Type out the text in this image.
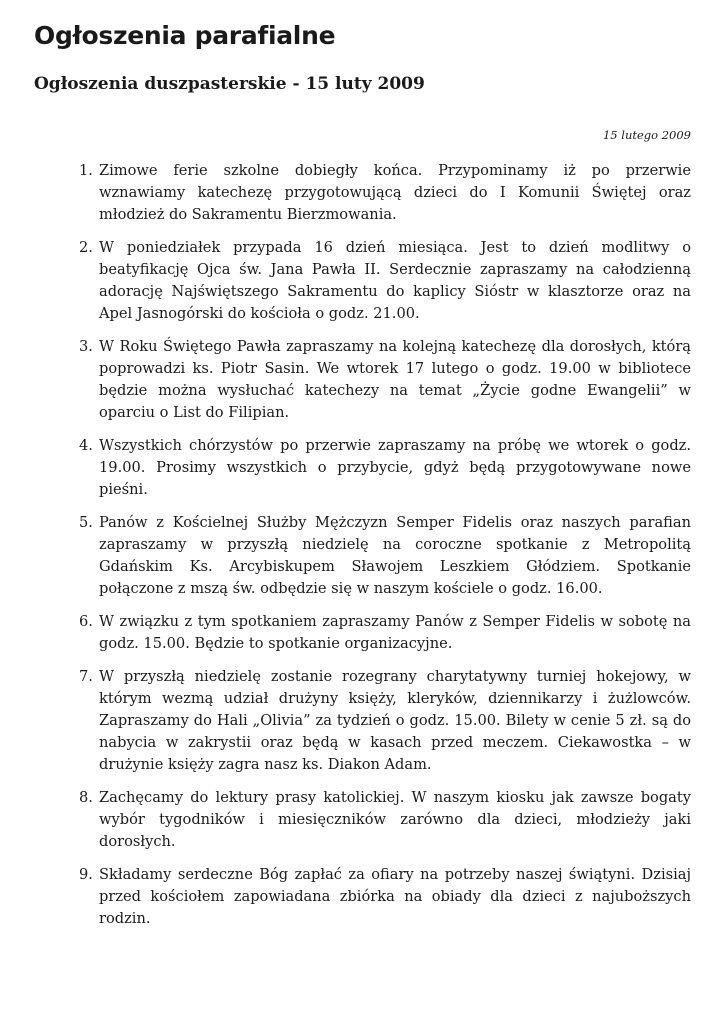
Ogłoszenia parafialne
Ogłoszenia duszpasterskie - 15 luty 2009
15 lutego 2009
1. Zimowe ferie szkolne dobiegły końca. Przypominamy iż po przerwie wznawiamy katechezę przygotowującą dzieci do I Komunii Świętej oraz młodzież do Sakramentu Bierzmowania.
2. W poniedziałek przypada 16 dzień miesiąca. Jest to dzień modlitwy o beatyfikację Ojca św. Jana Pawła II. Serdecznie zapraszamy na całodzienną adorację Najświętszego Sakramentu do kaplicy Sióstr w klasztorze oraz na Apel Jasnogórski do kościoła o godz. 21.00.
3. W Roku Świętego Pawła zapraszamy na kolejną katechezę dla dorosłych, którą poprowadzi ks. Piotr Sasin. We wtorek 17 lutego o godz. 19.00 w bibliotece będzie można wysłuchać katechezy na temat „Życie godne Ewangelii” w oparciu o List do Filipian.
4. Wszystkich chórzystów po przerwie zapraszamy na próbę we wtorek o godz. 19.00. Prosimy wszystkich o przybycie, gdyż będą przygotowywane nowe pieśni.
5. Panów z Kościelnej Służby Mężczyzn Semper Fidelis oraz naszych parafian zapraszamy w przyszłą niedzielę na coroczne spotkanie z Metropolitą Gdańskim Ks. Arcybiskupem Sławojem Leszkiem Głódziem. Spotkanie połączone z mszą św. odbędzie się w naszym kościele o godz. 16.00.
6. W związku z tym spotkaniem zapraszamy Panów z Semper Fidelis w sobotę na godz. 15.00. Będzie to spotkanie organizacyjne.
7. W przyszłą niedzielę zostanie rozegrany charytatywny turniej hokejowy, w którym wezmą udział drużyny księży, kleryków, dziennikarzy i żużlowców. Zapraszamy do Hali „Olivia” za tydzień o godz. 15.00. Bilety w cenie 5 zł. są do nabycia w zakrystii oraz będą w kasach przed meczem. Ciekawostka – w drużynie księży zagra nasz ks. Diakon Adam.
8. Zachęcamy do lektury prasy katolickiej. W naszym kiosku jak zawsze bogaty wybór tygodników i miesięczników zarówno dla dzieci, młodzieży jaki dorosłych.
9. Składamy serdeczne Bóg zapłać za ofiary na potrzeby naszej świątyni. Dzisiaj przed kościołem zapowiadana zbiórka na obiady dla dzieci z najuboższych rodzin.
